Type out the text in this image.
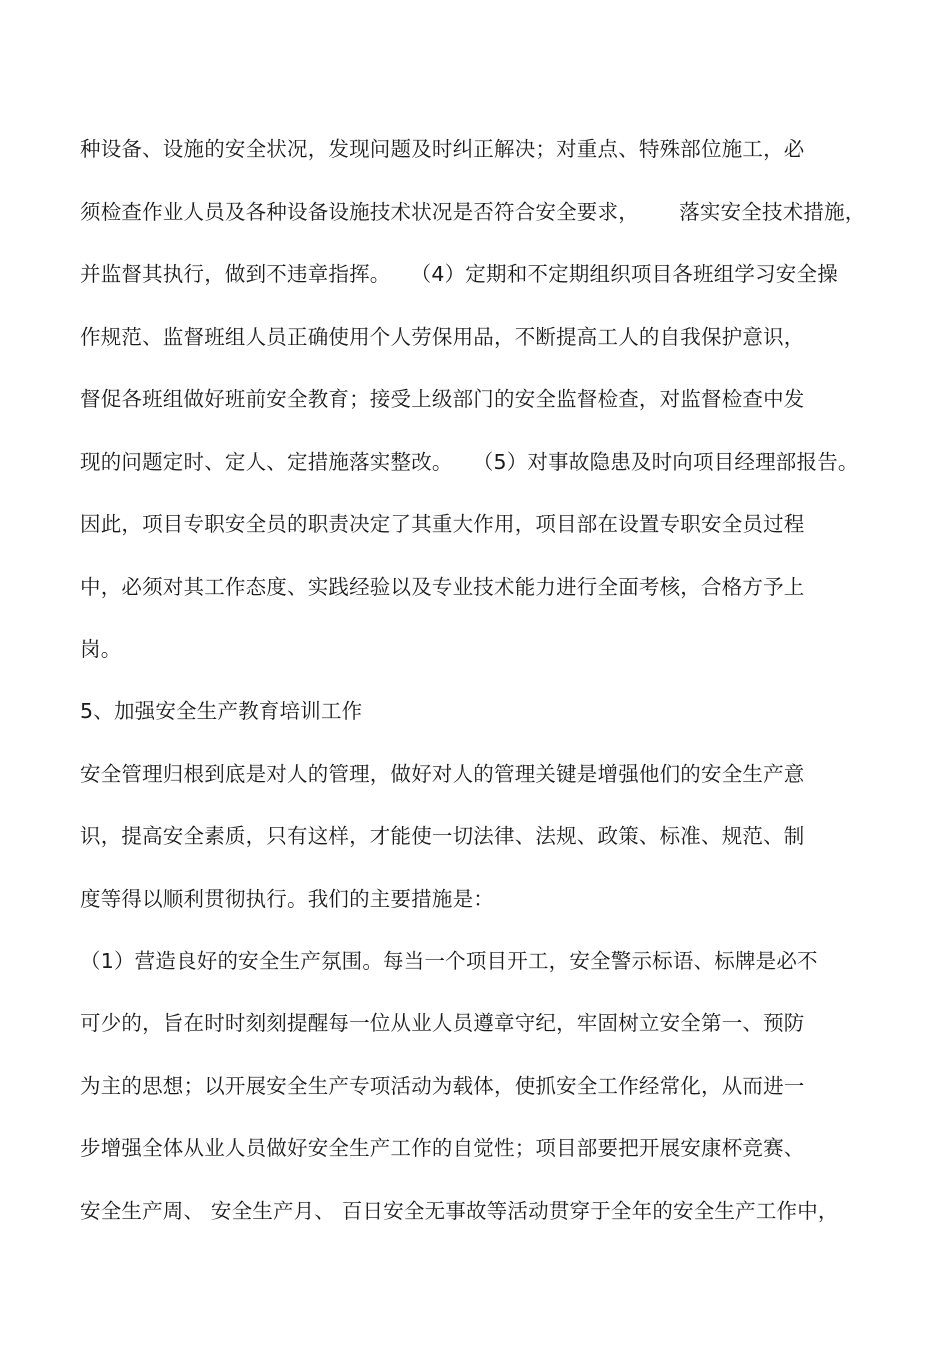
种设备、设施的安全状况，发现问题及时纠正解决；对重点、特殊部位施工，必
须检查作业人员及各种设备设施技术状况是否符合安全要求，      落实安全技术措施，
并监督其执行，做到不违章指挥。   （4）定期和不定期组织项目各班组学习安全操
作规范、监督班组人员正确使用个人劳保用品，不断提高工人的自我保护意识，
督促各班组做好班前安全教育；接受上级部门的安全监督检查，对监督检查中发
现的问题定时、定人、定措施落实整改。   （5）对事故隐患及时向项目经理部报告。
因此，项目专职安全员的职责决定了其重大作用，项目部在设置专职安全员过程
中，必须对其工作态度、实践经验以及专业技术能力进行全面考核，合格方予上
岗。
5、加强安全生产教育培训工作
安全管理归根到底是对人的管理，做好对人的管理关键是增强他们的安全生产意
识，提高安全素质，只有这样，才能使一切法律、法规、政策、标准、规范、制
度等得以顺利贯彻执行。我们的主要措施是：
（1）营造良好的安全生产氛围。每当一个项目开工，安全警示标语、标牌是必不
可少的，旨在时时刻刻提醒每一位从业人员遵章守纪，牢固树立安全第一、预防
为主的思想；以开展安全生产专项活动为载体，使抓安全工作经常化，从而进一
步增强全体从业人员做好安全生产工作的自觉性；项目部要把开展安康杯竞赛、
安全生产周、 安全生产月、 百日安全无事故等活动贯穿于全年的安全生产工作中，
